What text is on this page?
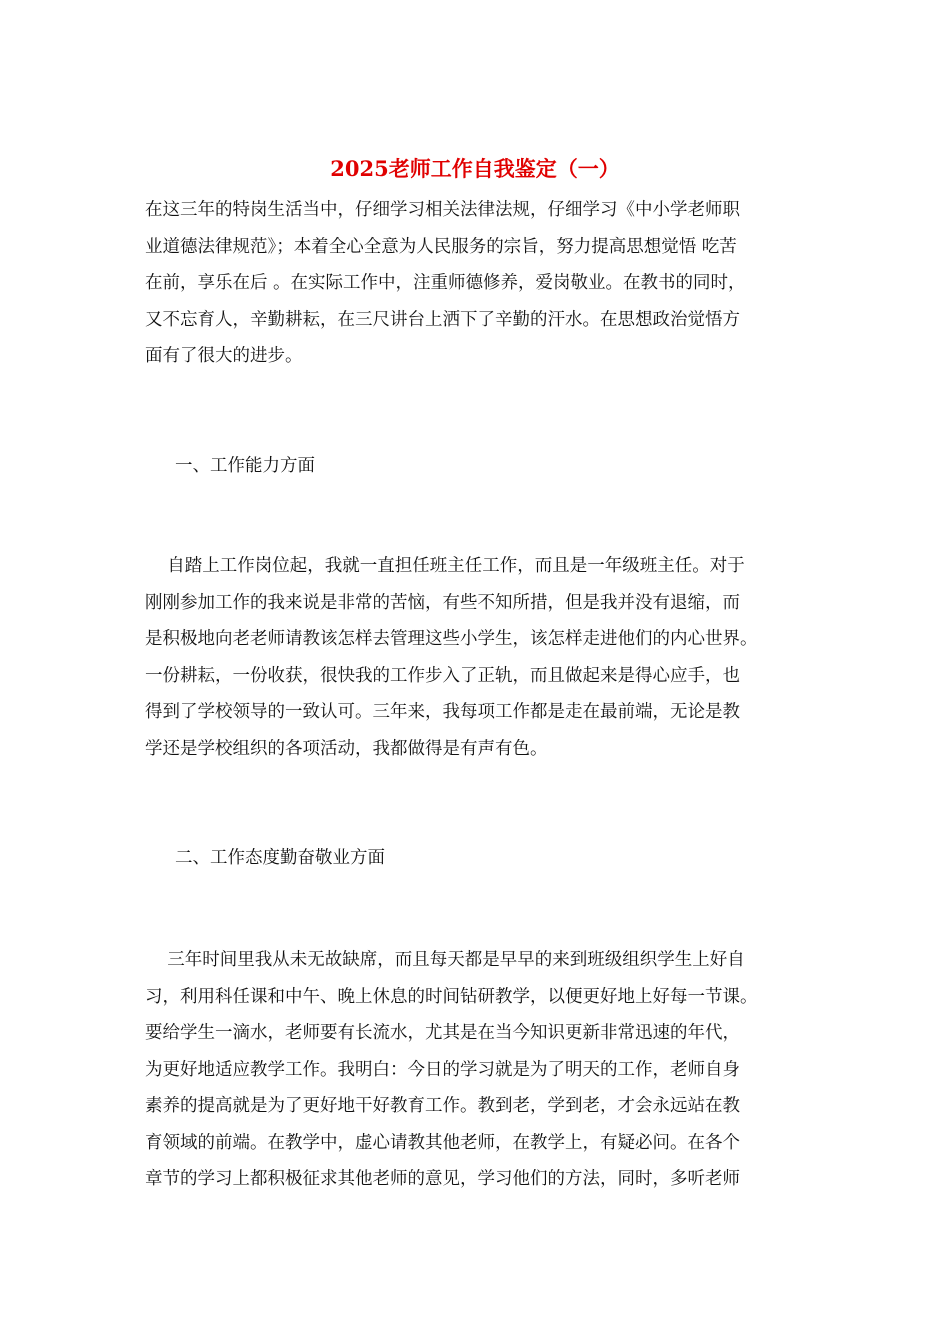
2025老师工作自我鉴定（一）
在这三年的特岗生活当中，仔细学习相关法律法规，仔细学习《中小学老师职
业道德法律规范》；本着全心全意为人民服务的宗旨，努力提高思想觉悟 吃苦
在前，享乐在后 。在实际工作中，注重师德修养，爱岗敬业。在教书的同时，
又不忘育人，辛勤耕耘，在三尺讲台上洒下了辛勤的汗水。在思想政治觉悟方
面有了很大的进步。
一、工作能力方面
自踏上工作岗位起，我就一直担任班主任工作，而且是一年级班主任。对于
刚刚参加工作的我来说是非常的苦恼，有些不知所措，但是我并没有退缩，而
是积极地向老老师请教该怎样去管理这些小学生，该怎样走进他们的内心世界。
一份耕耘，一份收获，很快我的工作步入了正轨，而且做起来是得心应手，也
得到了学校领导的一致认可。三年来，我每项工作都是走在最前端，无论是教
学还是学校组织的各项活动，我都做得是有声有色。
二、工作态度勤奋敬业方面
三年时间里我从未无故缺席，而且每天都是早早的来到班级组织学生上好自
习，利用科任课和中午、晚上休息的时间钻研教学，以便更好地上好每一节课。
要给学生一滴水，老师要有长流水，尤其是在当今知识更新非常迅速的年代，
为更好地适应教学工作。我明白：今日的学习就是为了明天的工作，老师自身
素养的提高就是为了更好地干好教育工作。教到老，学到老，才会永远站在教
育领域的前端。在教学中，虚心请教其他老师，在教学上，有疑必问。在各个
章节的学习上都积极征求其他老师的意见，学习他们的方法，同时，多听老师
